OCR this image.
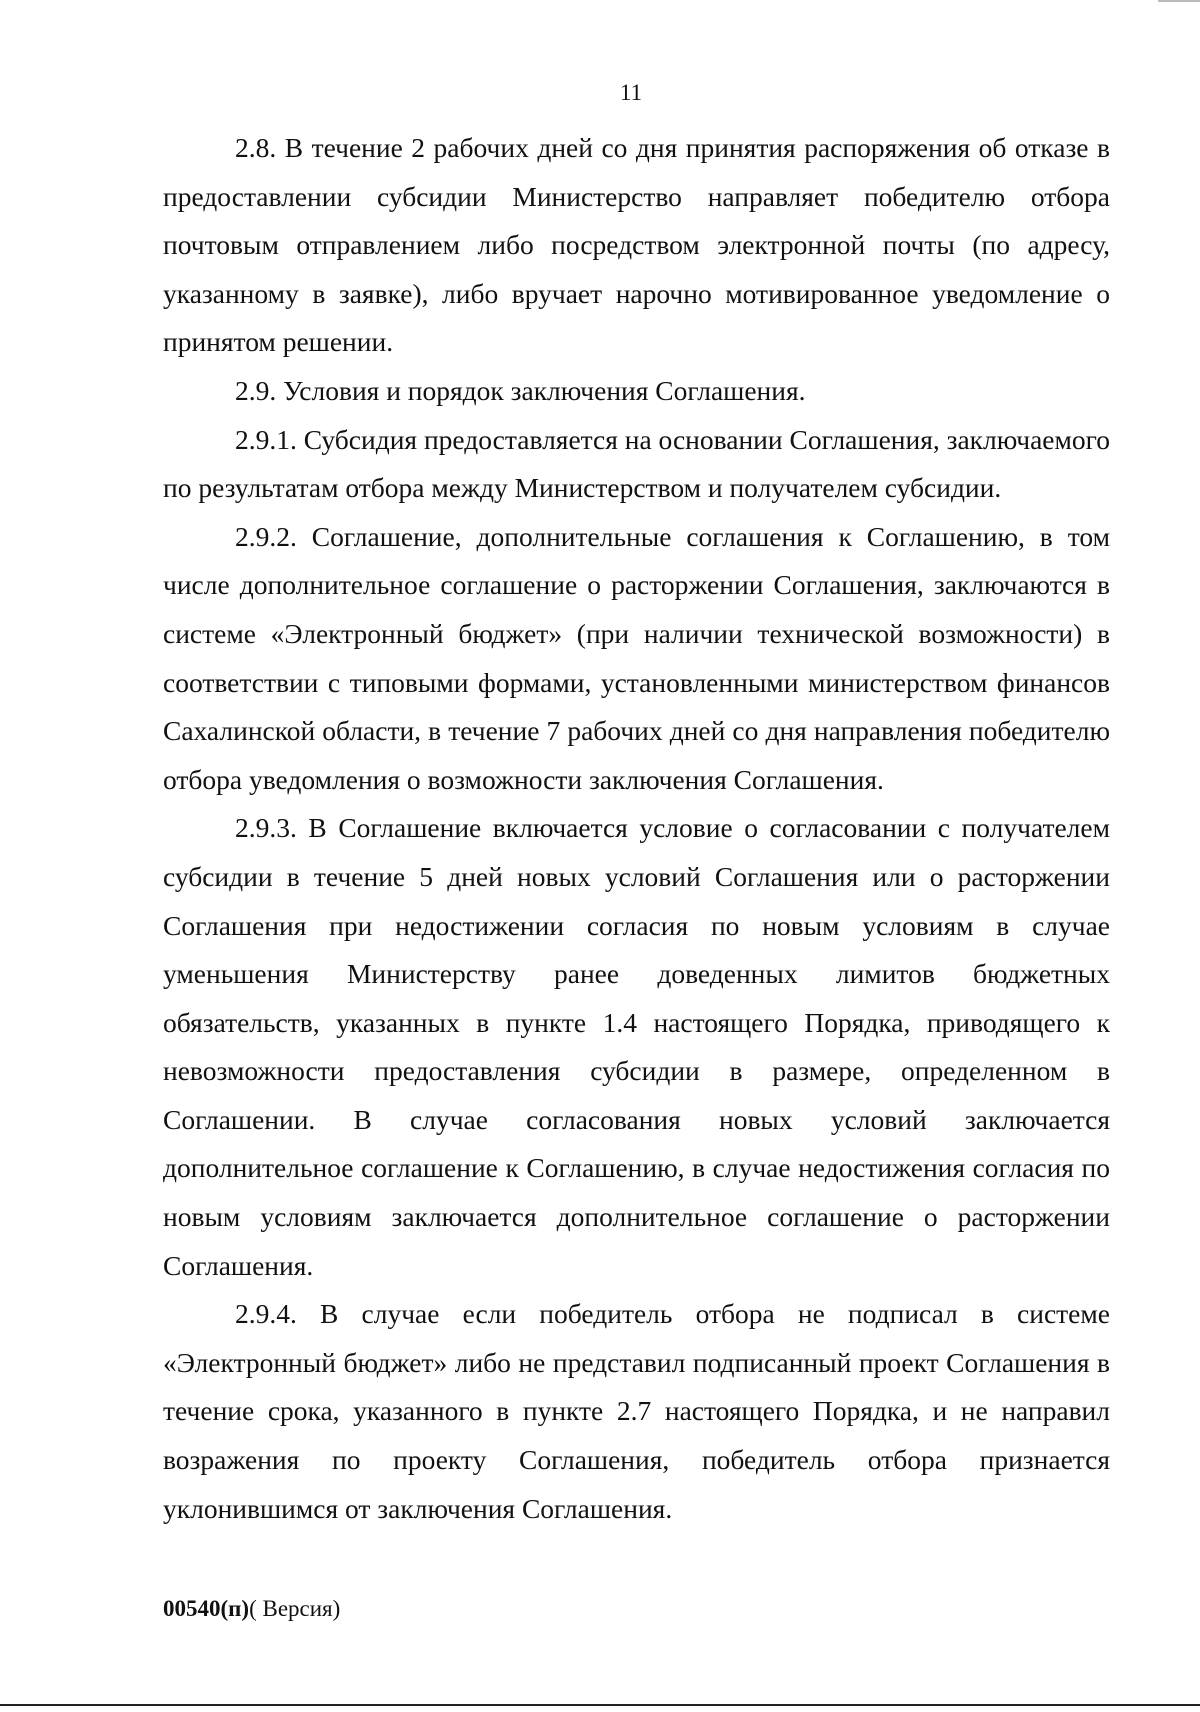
11

2.8. В течение 2 рабочих дней со дня принятия распоряжения об отказе в предоставлении субсидии Министерство направляет победителю отбора почтовым отправлением либо посредством электронной почты (по адресу, указанному в заявке), либо вручает нарочно мотивированное уведомление о принятом решении.

2.9. Условия и порядок заключения Соглашения.

2.9.1. Субсидия предоставляется на основании Соглашения, заключаемого по результатам отбора между Министерством и получателем субсидии.

2.9.2. Соглашение, дополнительные соглашения к Соглашению, в том числе дополнительное соглашение о расторжении Соглашения, заключаются в системе «Электронный бюджет» (при наличии технической возможности) в соответствии с типовыми формами, установленными министерством финансов Сахалинской области, в течение 7 рабочих дней со дня направления победителю отбора уведомления о возможности заключения Соглашения.

2.9.3. В Соглашение включается условие о согласовании с получателем субсидии в течение 5 дней новых условий Соглашения или о расторжении Соглашения при недостижении согласия по новым условиям в случае уменьшения Министерству ранее доведенных лимитов бюджетных обязательств, указанных в пункте 1.4 настоящего Порядка, приводящего к невозможности предоставления субсидии в размере, определенном в Соглашении. В случае согласования новых условий заключается дополнительное соглашение к Соглашению, в случае недостижения согласия по новым условиям заключается дополнительное соглашение о расторжении Соглашения.

2.9.4. В случае если победитель отбора не подписал в системе «Электронный бюджет» либо не представил подписанный проект Соглашения в течение срока, указанного в пункте 2.7 настоящего Порядка, и не направил возражения по проекту Соглашения, победитель отбора признается уклонившимся от заключения Соглашения.

00540(п)( Версия)
